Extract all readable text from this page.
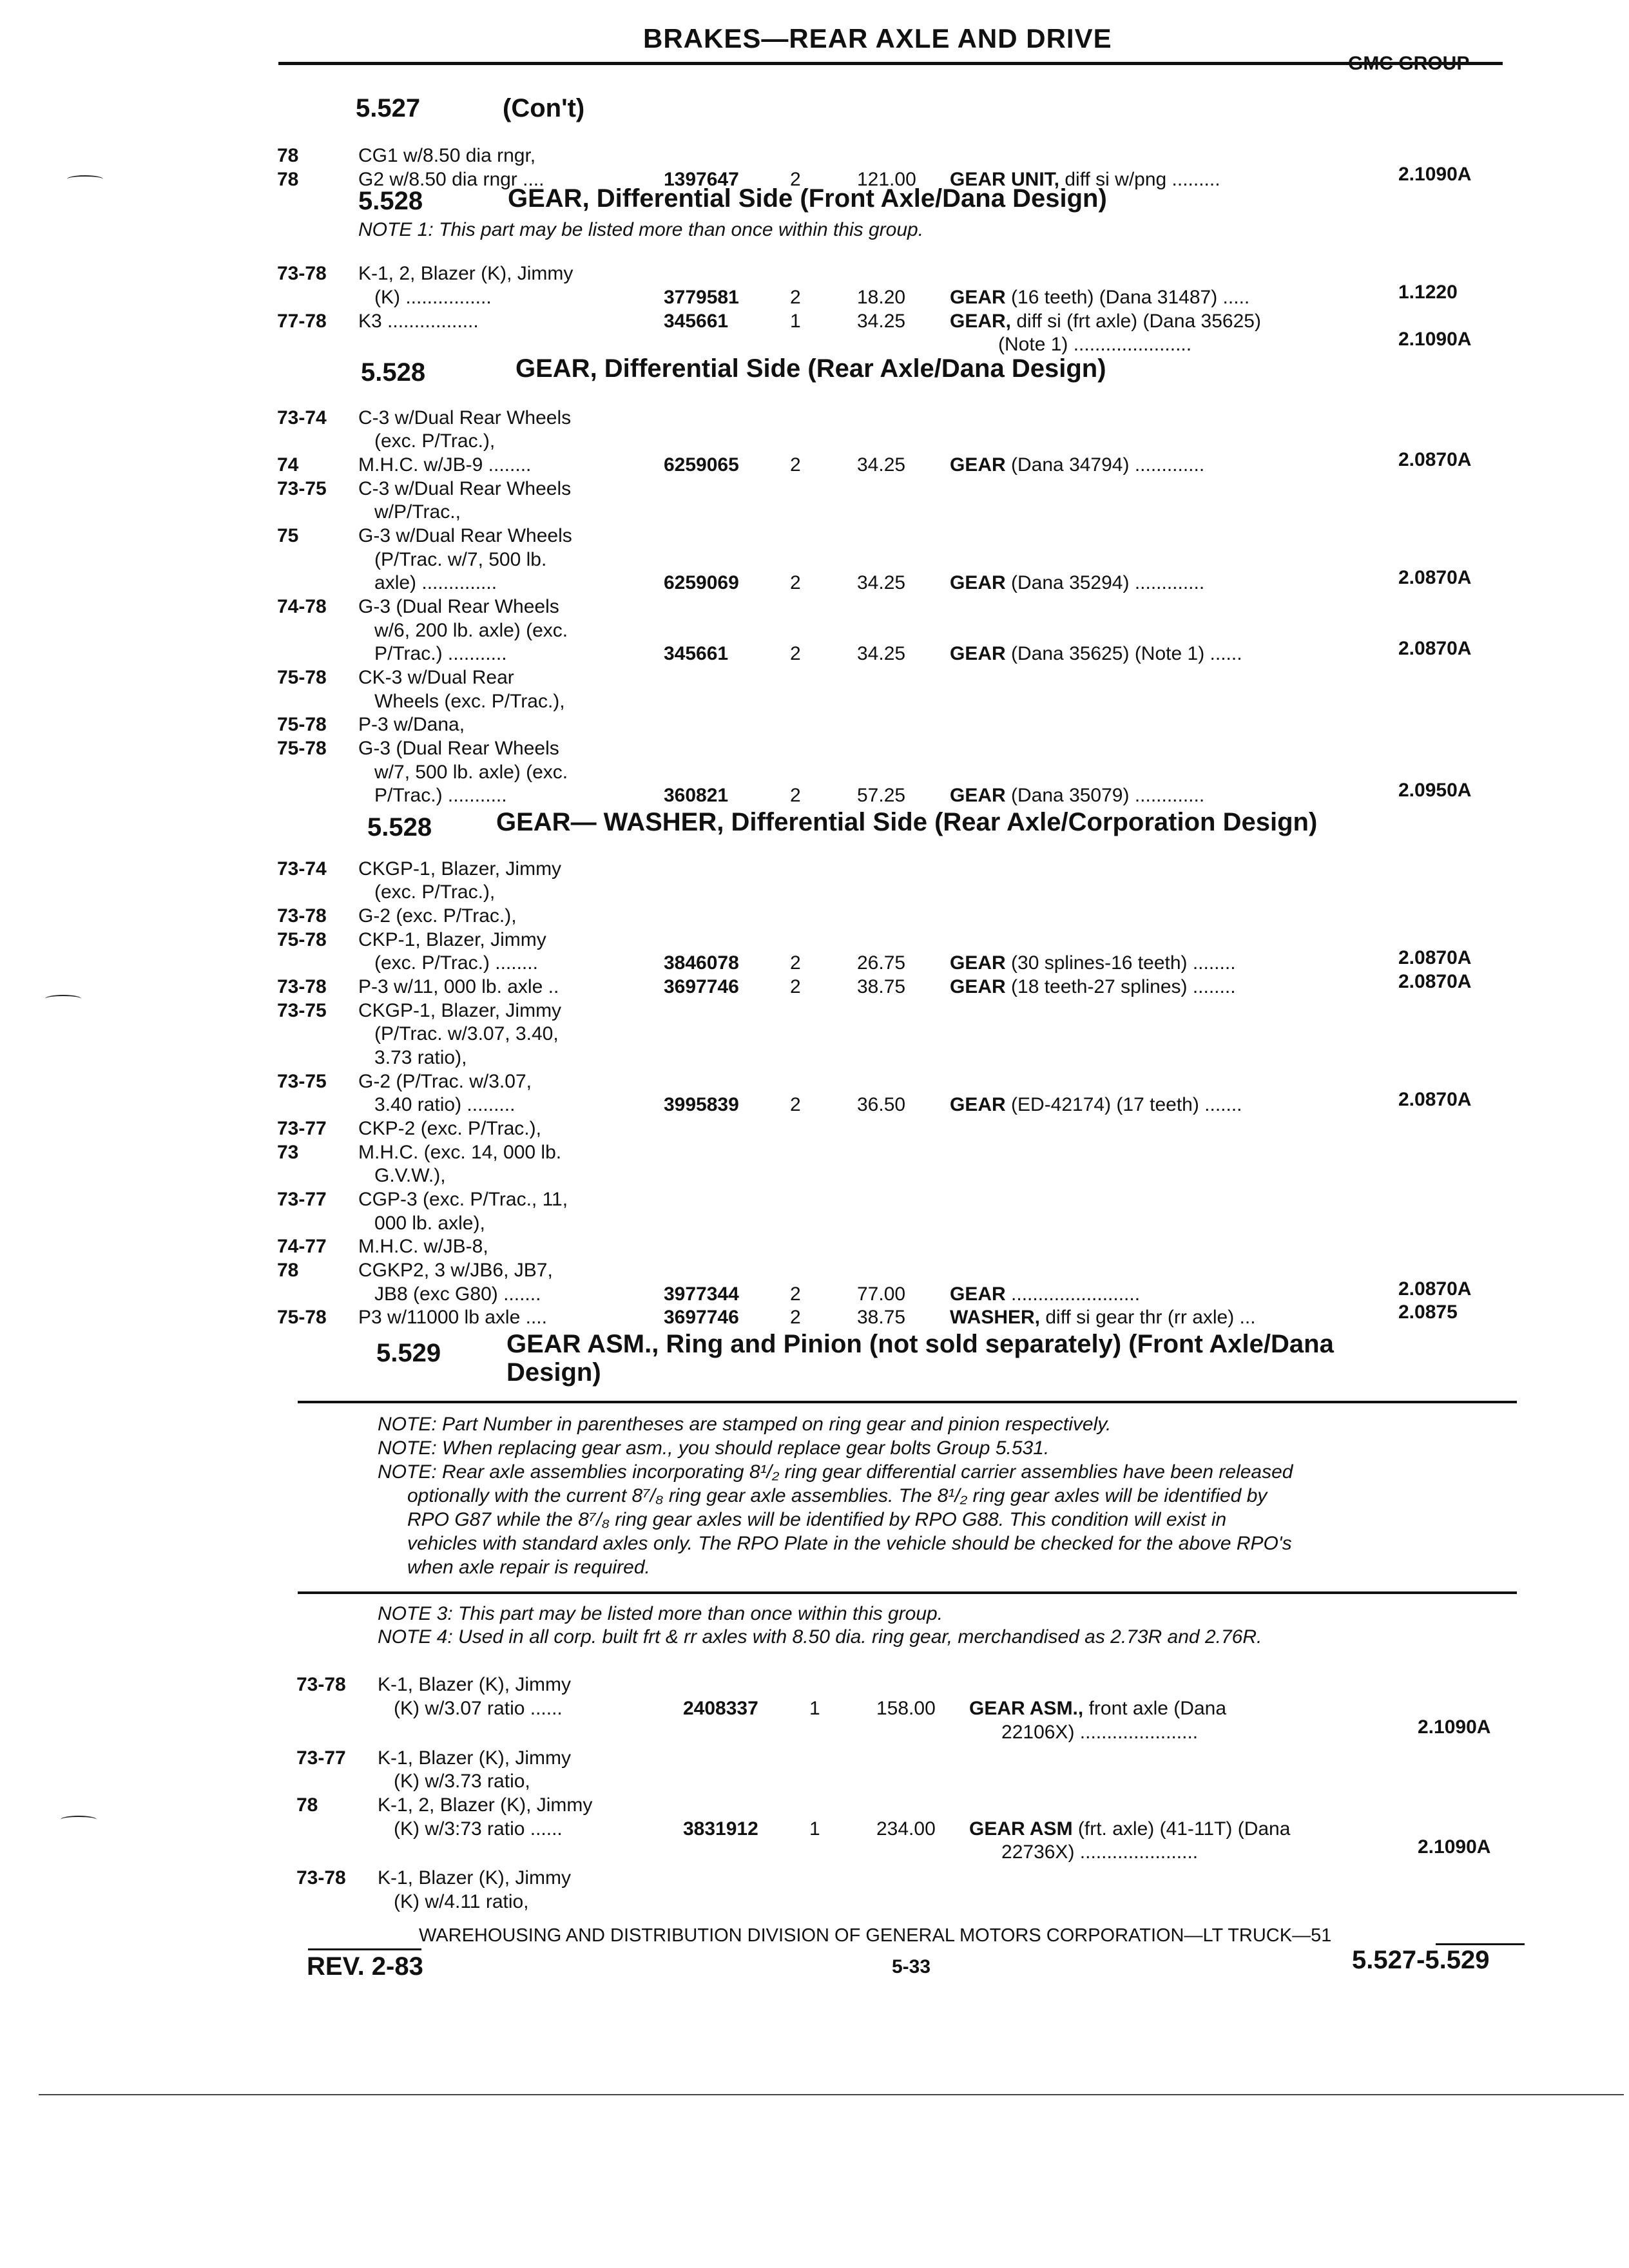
BRAKES—REAR AXLE AND DRIVE
GMC GROUP
5.527	(Con't)
5.528	GEAR, Differential Side (Front Axle/Dana Design)
NOTE 1: This part may be listed more than once within this group.
5.528	GEAR, Differential Side (Rear Axle/Dana Design)
5.528 GEAR— WASHER, Differential Side (Rear Axle/Corporation Design)
5.529	GEAR ASM., Ring and Pinion (not sold separately) (Front Axle/Dana
Design)
78	CG1 w/8.50 dia rngr,
78	G2 w/8.50 dia rngr ....	1397647	2	121.00 GEAR UNIT, diff si w/png .........	2.1090A
73-78 K-1, 2, Blazer (K), Jimmy
(K) ................	3779581	2	18.20 GEAR (16 teeth) (Dana 31487) .....	1.1220
77-78 K3 .................	345661	1	34.25 GEAR, diff si (frt axle) (Dana 35625)
(Note 1) ......................	2.1090A
73-74 C-3 w/Dual Rear Wheels
(exc. P/Trac.),
74	M.H.C. w/JB-9 ........	6259065	2	34.25 GEAR (Dana 34794) .............	2.0870A
73-75 C-3 w/Dual Rear Wheels
w/P/Trac.,
75	G-3 w/Dual Rear Wheels
(P/Trac. w/7, 500 lb.
axle) ..............	6259069	2	34.25 GEAR (Dana 35294) .............	2.0870A
74-78 G-3 (Dual Rear Wheels
w/6, 200 lb. axle) (exc.
P/Trac.) ...........	345661	2	34.25 GEAR (Dana 35625) (Note 1) ......	2.0870A
75-78 CK-3 w/Dual Rear
Wheels (exc. P/Trac.),
75-78 P-3 w/Dana,
75-78 G-3 (Dual Rear Wheels
w/7, 500 lb. axle) (exc.
P/Trac.) ...........	360821	2	57.25 GEAR (Dana 35079) .............	2.0950A
73-74 CKGP-1, Blazer, Jimmy
(exc. P/Trac.),
73-78 G-2 (exc. P/Trac.),
75-78 CKP-1, Blazer, Jimmy
(exc. P/Trac.) ........	3846078	2	26.75 GEAR (30 splines-16 teeth) ........	2.0870A
73-78 P-3 w/11, 000 lb. axle ..	3697746	2	38.75 GEAR (18 teeth-27 splines) ........	2.0870A
73-75 CKGP-1, Blazer, Jimmy
(P/Trac. w/3.07, 3.40,
3.73 ratio),
73-75 G-2 (P/Trac. w/3.07,
3.40 ratio) .........	3995839	2	36.50 GEAR (ED-42174) (17 teeth) .......	2.0870A
73-77 CKP-2 (exc. P/Trac.),
73	M.H.C. (exc. 14, 000 lb.
G.V.W.),
73-77 CGP-3 (exc. P/Trac., 11,
000 lb. axle),
74-77 M.H.C. w/JB-8,
78	CGKP2, 3 w/JB6, JB7,
JB8 (exc G80) .......	3977344	2	77.00 GEAR ........................	2.0870A
75-78 P3 w/11000 lb axle ....	3697746	2	38.75 WASHER, diff si gear thr (rr axle) ...	2.0875
73-78 K-1, Blazer (K), Jimmy
(K) w/3.07 ratio ......	2408337	1	158.00 GEAR ASM., front axle (Dana
22106X) ......................	2.1090A
73-77 K-1, Blazer (K), Jimmy
(K) w/3.73 ratio,
78	K-1, 2, Blazer (K), Jimmy
(K) w/3:73 ratio ......	3831912	1	234.00 GEAR ASM (frt. axle) (41-11T) (Dana
22736X) ......................	2.1090A
73-78 K-1, Blazer (K), Jimmy
(K) w/4.11 ratio,
NOTE: Part Number in parentheses are stamped on ring gear and pinion respectively.
NOTE: When replacing gear asm., you should replace gear bolts Group 5.531.
NOTE: Rear axle assemblies incorporating 8¹/₂ ring gear differential carrier assemblies have been released
optionally with the current 8⁷/₈ ring gear axle assemblies. The 8¹/₂ ring gear axles will be identified by
RPO G87 while the 8⁷/₈ ring gear axles will be identified by RPO G88. This condition will exist in
vehicles with standard axles only. The RPO Plate in the vehicle should be checked for the above RPO's
when axle repair is required.
NOTE 3: This part may be listed more than once within this group.
NOTE 4: Used in all corp. built frt & rr axles with 8.50 dia. ring gear, merchandised as 2.73R and 2.76R.
WAREHOUSING AND DISTRIBUTION DIVISION OF GENERAL MOTORS CORPORATION—LT TRUCK—51
REV. 2-83	5-33	5.527-5.529
